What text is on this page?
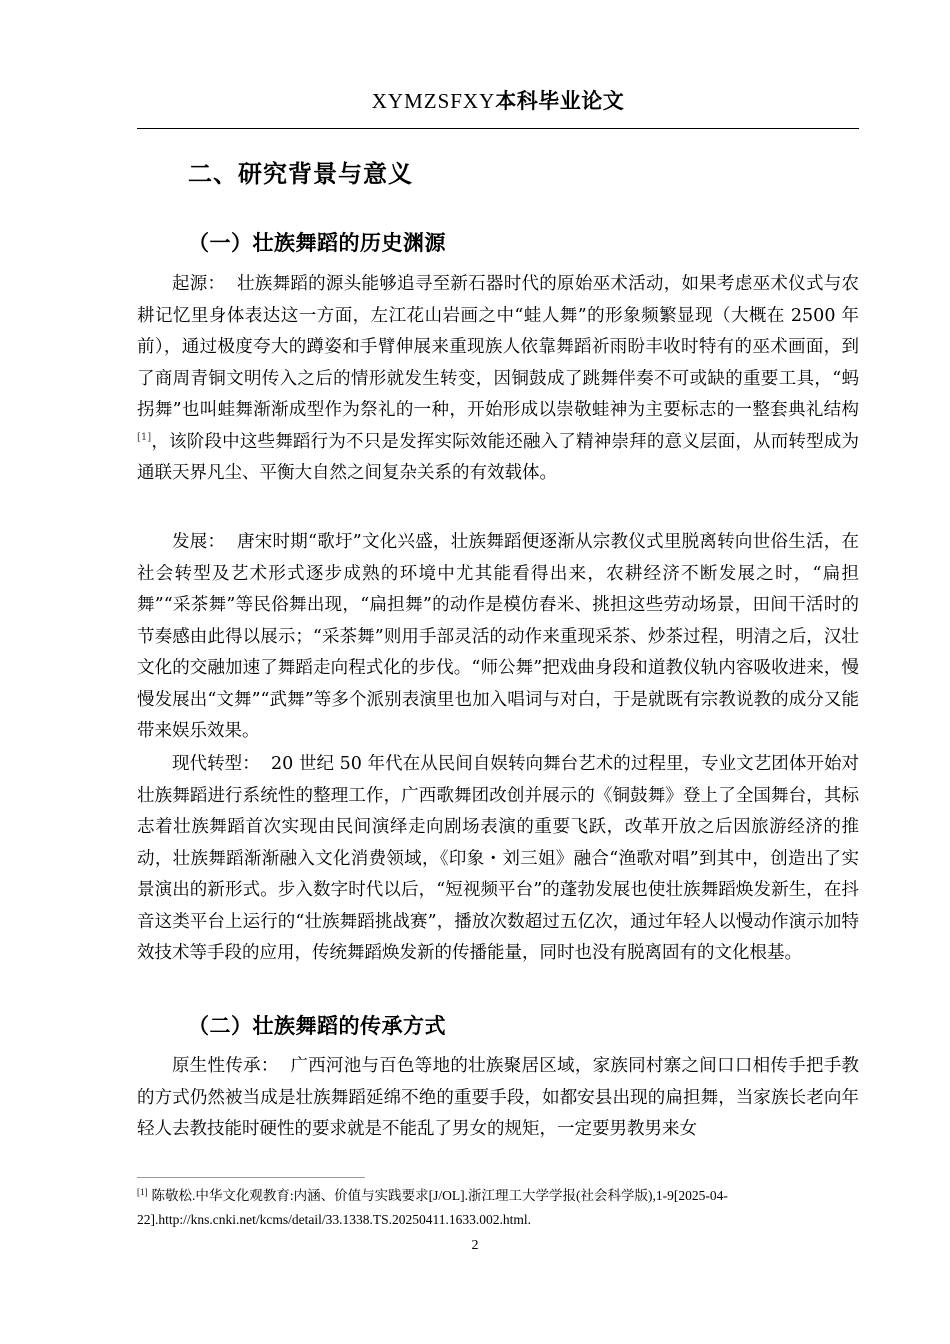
XYMZSFXY本科毕业论文
二、研究背景与意义
（一）壮族舞蹈的历史渊源

起源： 壮族舞蹈的源头能够追寻至新石器时代的原始巫术活动，如果考虑巫术仪式与农耕记忆里身体表达这一方面，左江花山岩画之中“蛙人舞”的形象频繁显现（大概在 2500 年前），通过极度夸大的蹲姿和手臂伸展来重现族人依靠舞蹈祈雨盼丰收时特有的巫术画面，到了商周青铜文明传入之后的情形就发生转变，因铜鼓成了跳舞伴奏不可或缺的重要工具，“蚂拐舞”也叫蛙舞渐渐成型作为祭礼的一种，开始形成以崇敬蛙神为主要标志的一整套典礼结构[1]，该阶段中这些舞蹈行为不只是发挥实际效能还融入了精神崇拜的意义层面，从而转型成为通联天界凡尘、平衡大自然之间复杂关系的有效载体。

发展： 唐宋时期“歌圩”文化兴盛，壮族舞蹈便逐渐从宗教仪式里脱离转向世俗生活，在社会转型及艺术形式逐步成熟的环境中尤其能看得出来，农耕经济不断发展之时，“扁担舞”“采茶舞”等民俗舞出现，“扁担舞”的动作是模仿舂米、挑担这些劳动场景，田间干活时的节奏感由此得以展示；“采茶舞”则用手部灵活的动作来重现采茶、炒茶过程，明清之后，汉壮文化的交融加速了舞蹈走向程式化的步伐。“师公舞”把戏曲身段和道教仪轨内容吸收进来，慢慢发展出“文舞”“武舞”等多个派别表演里也加入唱词与对白，于是就既有宗教说教的成分又能带来娱乐效果。

现代转型： 20 世纪 50 年代在从民间自娱转向舞台艺术的过程里，专业文艺团体开始对壮族舞蹈进行系统性的整理工作，广西歌舞团改创并展示的《铜鼓舞》登上了全国舞台，其标志着壮族舞蹈首次实现由民间演绎走向剧场表演的重要飞跃，改革开放之后因旅游经济的推动，壮族舞蹈渐渐融入文化消费领域，《印象・刘三姐》融合“渔歌对唱”到其中，创造出了实景演出的新形式。步入数字时代以后，“短视频平台”的蓬勃发展也使壮族舞蹈焕发新生，在抖音这类平台上运行的“壮族舞蹈挑战赛”，播放次数超过五亿次，通过年轻人以慢动作演示加特效技术等手段的应用，传统舞蹈焕发新的传播能量，同时也没有脱离固有的文化根基。

（二）壮族舞蹈的传承方式

原生性传承： 广西河池与百色等地的壮族聚居区域，家族同村寨之间口口相传手把手教的方式仍然被当成是壮族舞蹈延绵不绝的重要手段，如都安县出现的扁担舞，当家族长老向年轻人去教技能时硬性的要求就是不能乱了男女的规矩，一定要男教男来女

[1] 陈敬松.中华文化观教育:内涵、价值与实践要求[J/OL].浙江理工大学学报(社会科学版),1-9[2025-04-22].http://kns.cnki.net/kcms/detail/33.1338.TS.20250411.1633.002.html.
2
